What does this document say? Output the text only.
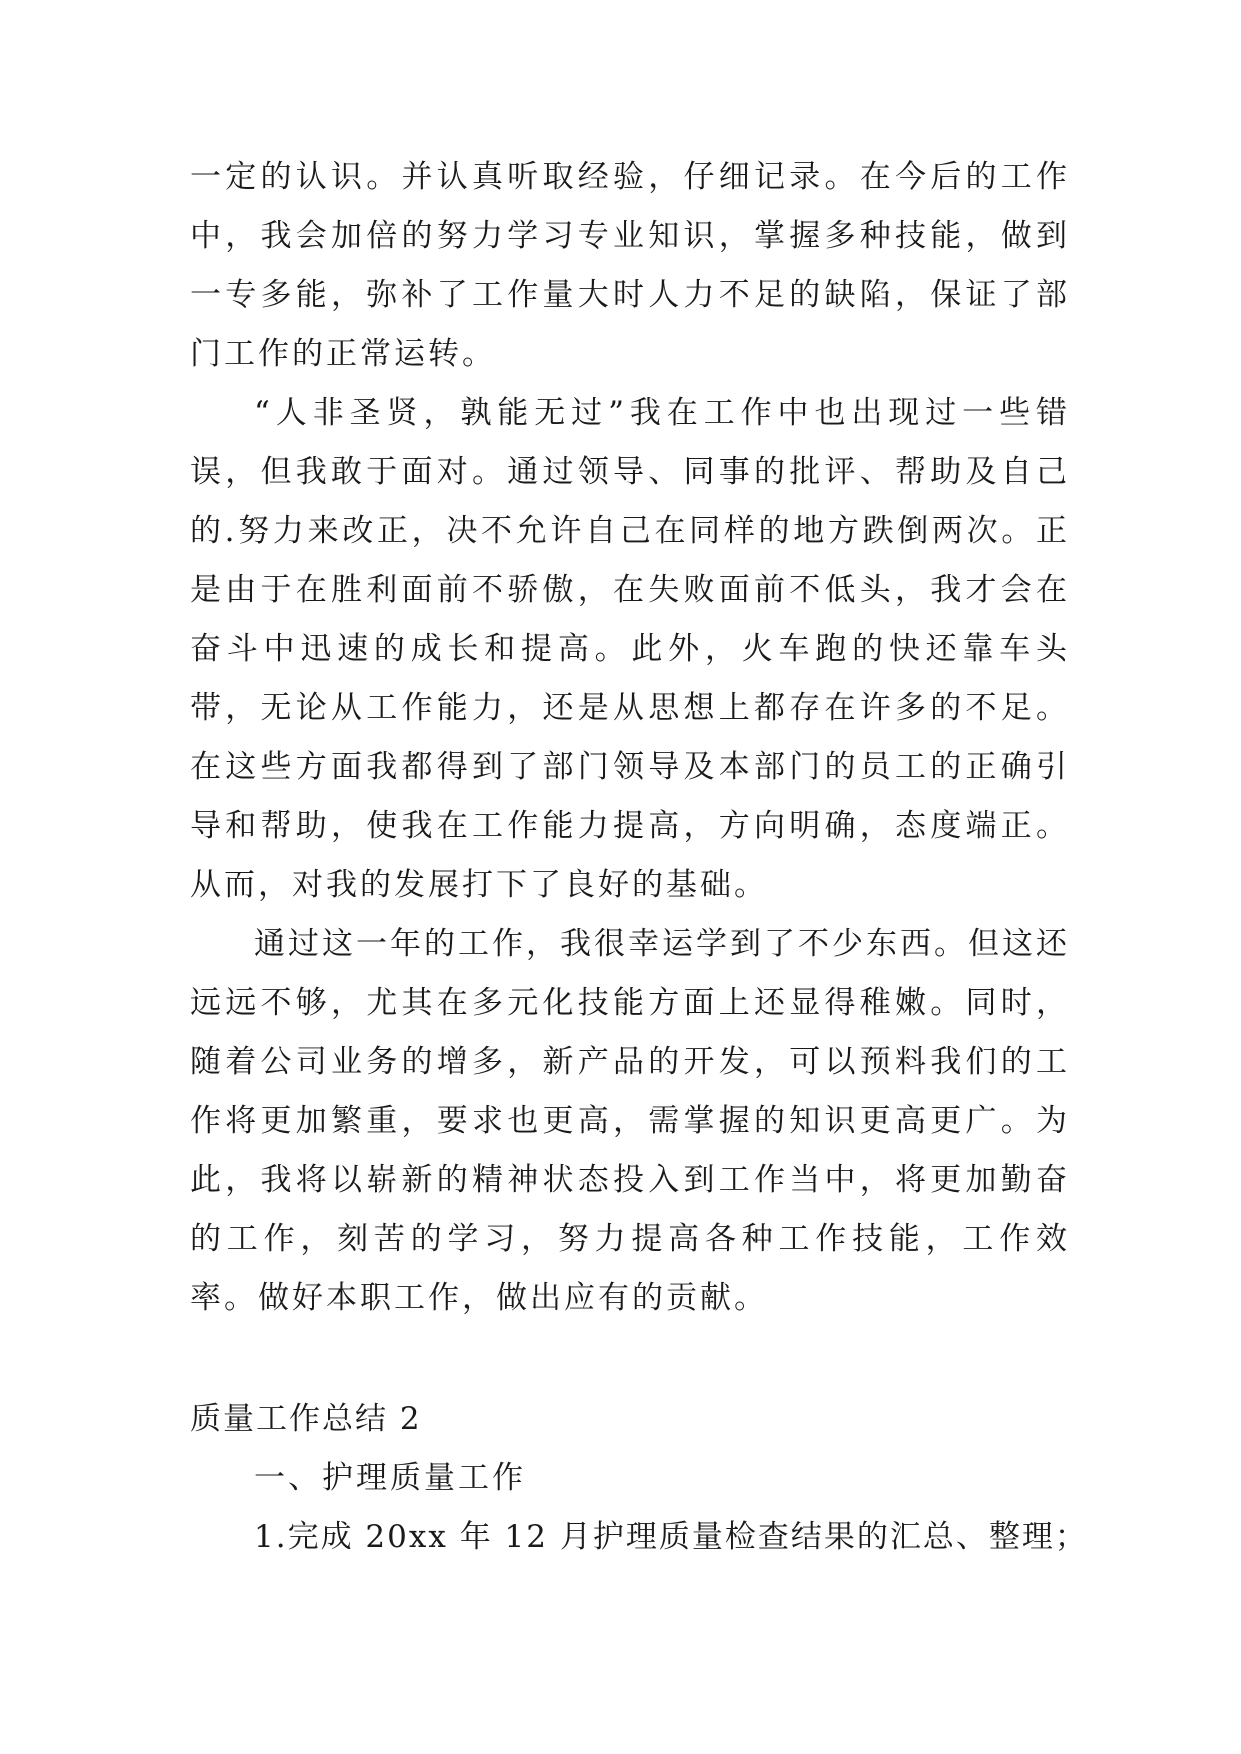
一定的认识。并认真听取经验，仔细记录。在今后的工作中，我会加倍的努力学习专业知识，掌握多种技能，做到一专多能，弥补了工作量大时人力不足的缺陷，保证了部门工作的正常运转。

“人非圣贤，孰能无过”我在工作中也出现过一些错误，但我敢于面对。通过领导、同事的批评、帮助及自己的.努力来改正，决不允许自己在同样的地方跌倒两次。正是由于在胜利面前不骄傲，在失败面前不低头，我才会在奋斗中迅速的成长和提高。此外，火车跑的快还靠车头带，无论从工作能力，还是从思想上都存在许多的不足。在这些方面我都得到了部门领导及本部门的员工的正确引导和帮助，使我在工作能力提高，方向明确，态度端正。从而，对我的发展打下了良好的基础。

通过这一年的工作，我很幸运学到了不少东西。但这还远远不够，尤其在多元化技能方面上还显得稚嫩。同时，随着公司业务的增多，新产品的开发，可以预料我们的工作将更加繁重，要求也更高，需掌握的知识更高更广。为此，我将以崭新的精神状态投入到工作当中，将更加勤奋的工作，刻苦的学习，努力提高各种工作技能，工作效率。做好本职工作，做出应有的贡献。

质量工作总结 2

一、护理质量工作

1.完成 20xx 年 12 月护理质量检查结果的汇总、整理；
